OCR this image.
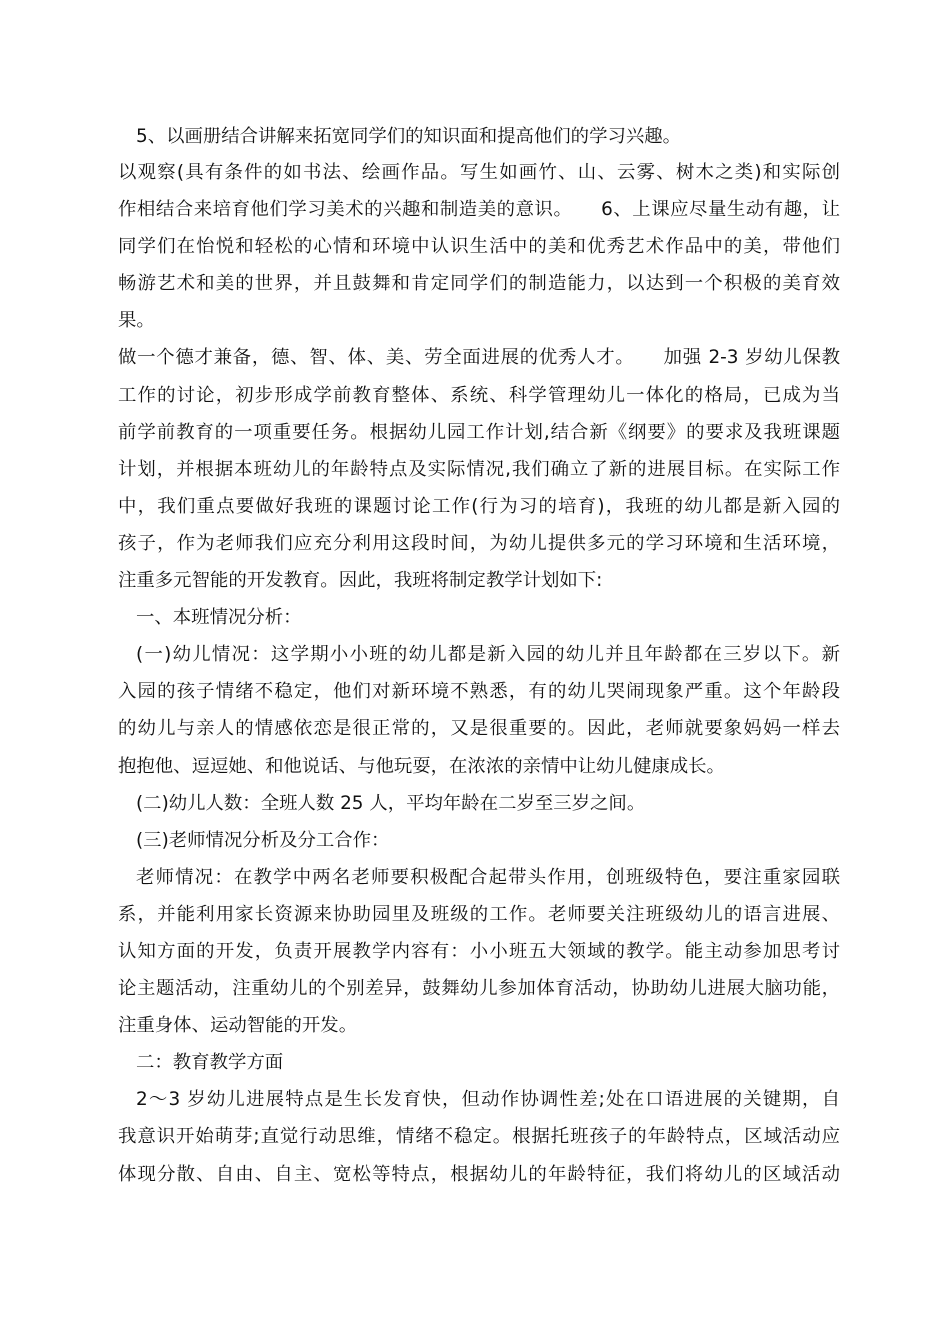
5、以画册结合讲解来拓宽同学们的知识面和提高他们的学习兴趣。
以观察(具有条件的如书法、绘画作品。写生如画竹、山、云雾、树木之类)和实际创
作相结合来培育他们学习美术的兴趣和制造美的意识。　　6、上课应尽量生动有趣，让
同学们在怡悦和轻松的心情和环境中认识生活中的美和优秀艺术作品中的美，带他们
畅游艺术和美的世界，并且鼓舞和肯定同学们的制造能力，以达到一个积极的美育效
果。
做一个德才兼备，德、智、体、美、劳全面进展的优秀人才。　　加强 2-3 岁幼儿保教
工作的讨论，初步形成学前教育整体、系统、科学管理幼儿一体化的格局，已成为当
前学前教育的一项重要任务。根据幼儿园工作计划,结合新《纲要》的要求及我班课题
计划，并根据本班幼儿的年龄特点及实际情况,我们确立了新的进展目标。在实际工作
中，我们重点要做好我班的课题讨论工作(行为习的培育)，我班的幼儿都是新入园的
孩子，作为老师我们应充分利用这段时间，为幼儿提供多元的学习环境和生活环境，
注重多元智能的开发教育。因此，我班将制定教学计划如下:
一、本班情况分析：
(一)幼儿情况：这学期小小班的幼儿都是新入园的幼儿并且年龄都在三岁以下。新
入园的孩子情绪不稳定，他们对新环境不熟悉，有的幼儿哭闹现象严重。这个年龄段
的幼儿与亲人的情感依恋是很正常的，又是很重要的。因此，老师就要象妈妈一样去
抱抱他、逗逗她、和他说话、与他玩耍，在浓浓的亲情中让幼儿健康成长。
(二)幼儿人数：全班人数 25 人，平均年龄在二岁至三岁之间。
(三)老师情况分析及分工合作：
老师情况：在教学中两名老师要积极配合起带头作用，创班级特色，要注重家园联
系，并能利用家长资源来协助园里及班级的工作。老师要关注班级幼儿的语言进展、
认知方面的开发，负责开展教学内容有：小小班五大领域的教学。能主动参加思考讨
论主题活动，注重幼儿的个别差异，鼓舞幼儿参加体育活动，协助幼儿进展大脑功能，
注重身体、运动智能的开发。
二：教育教学方面
2～3 岁幼儿进展特点是生长发育快，但动作协调性差;处在口语进展的关键期，自
我意识开始萌芽;直觉行动思维，情绪不稳定。根据托班孩子的年龄特点，区域活动应
体现分散、自由、自主、宽松等特点，根据幼儿的年龄特征，我们将幼儿的区域活动
